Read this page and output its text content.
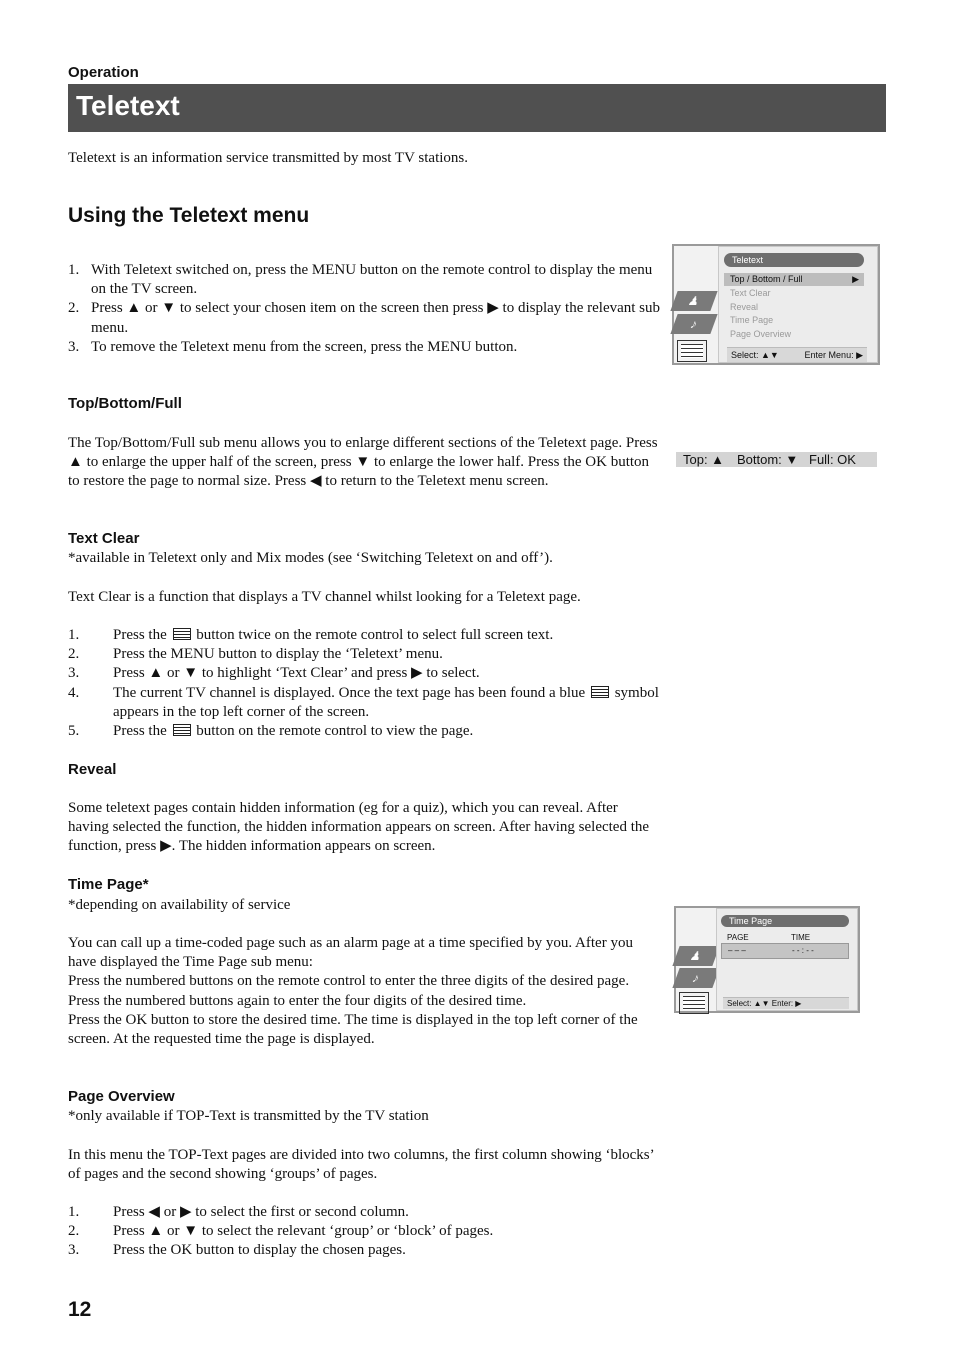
Operation
Teletext
Teletext is an information service transmitted by most TV stations.
Using the Teletext menu
1. With Teletext switched on, press the MENU button on the remote control to display the menu on the TV screen.
2. Press ▲ or ▼ to select your chosen item on the screen then press ▶ to display the relevant sub menu.
3. To remove the Teletext menu from the screen, press the MENU button.
♟
♪
Teletext
Top / Bottom / Full	▶
Text Clear
Reveal
Time Page
Page Overview
Select: ▲▼	Enter Menu: ▶
Top/Bottom/Full
The Top/Bottom/Full sub menu allows you to enlarge different sections of the Teletext page. Press ▲ to enlarge the upper half of the screen, press ▼ to enlarge the lower half. Press the OK button to restore the page to normal size. Press ◀ to return to the Teletext menu screen.
Top: ▲ Bottom: ▼ Full: OK
Text Clear
*available in Teletext only and Mix modes (see ‘Switching Teletext on and off’).
Text Clear is a function that displays a TV channel whilst looking for a Teletext page.
1. Press the button twice on the remote control to select full screen text.
2. Press the MENU button to display the ‘Teletext’ menu.
3. Press ▲ or ▼ to highlight ‘Text Clear’ and press ▶ to select.
4. The current TV channel is displayed. Once the text page has been found a blue symbol appears in the top left corner of the screen.
5. Press the button on the remote control to view the page.
Reveal
Some teletext pages contain hidden information (eg for a quiz), which you can reveal. After having selected the function, the hidden information appears on screen. After having selected the function, press ▶. The hidden information appears on screen.
Time Page*
*depending on availability of service
You can call up a time-coded page such as an alarm page at a time specified by you. After you have displayed the Time Page sub menu:
Press the numbered buttons on the remote control to enter the three digits of the desired page.
Press the numbered buttons again to enter the four digits of the desired time.
Press the OK button to store the desired time. The time is displayed in the top left corner of the screen. At the requested time the page is displayed.
♟
♪
Time Page
PAGE	TIME
– – –	- - : - -
Select: ▲▼ Enter: ▶
Page Overview
*only available if TOP-Text is transmitted by the TV station
In this menu the TOP-Text pages are divided into two columns, the first column showing ‘blocks’ of pages and the second showing ‘groups’ of pages.
1. Press ◀ or ▶ to select the first or second column.
2. Press ▲ or ▼ to select the relevant ‘group’ or ‘block’ of pages.
3. Press the OK button to display the chosen pages.
12
